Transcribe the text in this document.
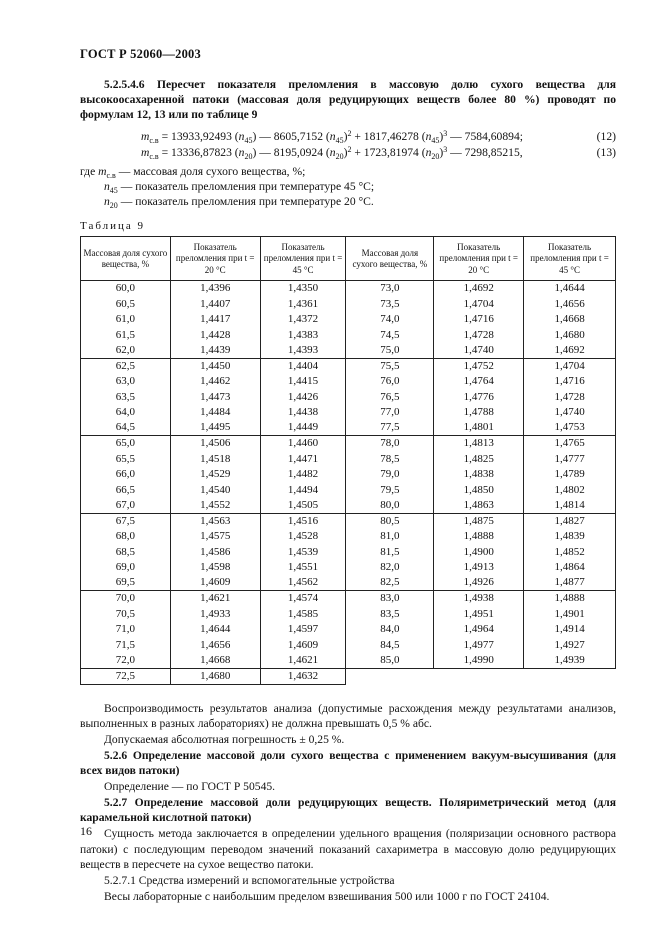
ГОСТ Р 52060—2003

5.2.5.4.6 Пересчет показателя преломления в массовую долю сухого вещества для высокоосахаренной патоки (массовая доля редуцирующих веществ более 80 %) проводят по формулам 12, 13 или по таблице 9

$m_{с.в} = 13933,92493$ $(n_{45})$ — 8605,7152 $(n_{45})^2 + 1817,46278$ $(n_{45})^3$ — 7584,60894;	(12)
$m_{с.в} = 13336,87823$ $(n_{20})$ — 8195,0924 $(n_{20})^2 + 1723,81974$ $(n_{20})^3$ — 7298,85215,	(13)
где $m_{с.в}$ — массовая доля сухого вещества, %;
$n_{45}$ — показатель преломления при температуре 45 °С;
$n_{20}$ — показатель преломления при температуре 20 °С.
Таблица 9
Массовая доля сухого вещества, %	Показатель преломления при t = 20 °С	Показатель преломления при t = 45 °С	Массовая доля сухого вещества, %	Показатель преломления при t = 20 °С	Показатель преломления при t = 45 °С
60,0	1,4396	1,4350	73,0	1,4692	1,4644
60,5	1,4407	1,4361	73,5	1,4704	1,4656
61,0	1,4417	1,4372	74,0	1,4716	1,4668
61,5	1,4428	1,4383	74,5	1,4728	1,4680
62,0	1,4439	1,4393	75,0	1,4740	1,4692
62,5	1,4450	1,4404	75,5	1,4752	1,4704
63,0	1,4462	1,4415	76,0	1,4764	1,4716
63,5	1,4473	1,4426	76,5	1,4776	1,4728
64,0	1,4484	1,4438	77,0	1,4788	1,4740
64,5	1,4495	1,4449	77,5	1,4801	1,4753
65,0	1,4506	1,4460	78,0	1,4813	1,4765
65,5	1,4518	1,4471	78,5	1,4825	1,4777
66,0	1,4529	1,4482	79,0	1,4838	1,4789
66,5	1,4540	1,4494	79,5	1,4850	1,4802
67,0	1,4552	1,4505	80,0	1,4863	1,4814
67,5	1,4563	1,4516	80,5	1,4875	1,4827
68,0	1,4575	1,4528	81,0	1,4888	1,4839
68,5	1,4586	1,4539	81,5	1,4900	1,4852
69,0	1,4598	1,4551	82,0	1,4913	1,4864
69,5	1,4609	1,4562	82,5	1,4926	1,4877
70,0	1,4621	1,4574	83,0	1,4938	1,4888
70,5	1,4933	1,4585	83,5	1,4951	1,4901
71,0	1,4644	1,4597	84,0	1,4964	1,4914
71,5	1,4656	1,4609	84,5	1,4977	1,4927
72,0	1,4668	1,4621	85,0	1,4990	1,4939
72,5	1,4680	1,4632			

Воспроизводимость результатов анализа (допустимые расхождения между результатами анализов, выполненных в разных лабораториях) не должна превышать 0,5 % абс.

Допускаемая абсолютная погрешность ± 0,25 %.

5.2.6 Определение массовой доли сухого вещества с применением вакуум-высушивания (для всех видов патоки)

Определение — по ГОСТ Р 50545.

5.2.7 Определение массовой доли редуцирующих веществ. Поляриметрический метод (для карамельной кислотной патоки)

Сущность метода заключается в определении удельного вращения (поляризации основного раствора патоки) с последующим переводом значений показаний сахариметра в массовую долю редуцирующих веществ в пересчете на сухое вещество патоки.

5.2.7.1 Средства измерений и вспомогательные устройства

Весы лабораторные с наибольшим пределом взвешивания 500 или 1000 г по ГОСТ 24104.

16
